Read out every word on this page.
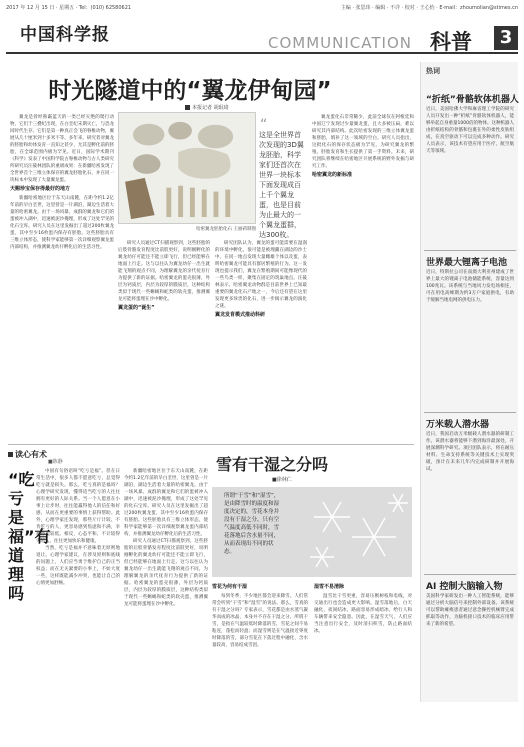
2017 年 12 月 15 日 · 星期五 · Tel：(010) 62580621	主编 · 张思玮 · 编辑 · 不详 · 校对 · 王心怡 · E-mail：zhoumolian@stimes.cn
中国科学报	COMMUNICATION 科普	3
时光隧道中的“翼龙伊甸园”
本报记者 胡珉琦

翼龙是曾经称霸蓝天的一类已经灭绝的爬行动物，它们于三叠纪出现，在白垩纪末期灭亡，与恐龙同时代生存。它们是第一种真正会飞的脊椎动物，翼展从几十厘米到十多米不等。多年来，研究者对翼龙的胚胎和幼体发育一直知之甚少，尤其是孵化前的胚胎，在全球范围内极为罕见。近日，国际学术期刊《科学》发表了中国科学院古脊椎动物与古人类研究所研究员汪筱林团队的重磅成果：在新疆哈密发现了全世界首个三维立体保存的翼龙胚胎化石，并在同一块标本中发现了大量翼龙蛋。

天赐珍宝保存得最好的地方

新疆哈密地区位于东天山南麓，在距今约1.2亿年前的早白垩世，这里曾是一片湖泊，湖边生活着大量的哈密翼龙。由于一场风暴，成群的翼龙和它们的蛋被冲入湖中，迅速被泥沙掩埋，形成了这处罕见的化石宝库。研究人员在这里发掘出了超过200枚翼龙蛋，其中至少16枚蛋内保存有胚胎。这些胚胎具有三维立体形态，使科学家能够第一次详细观察翼龙蛋内部结构，并推测翼龙幼仔孵化后的生活习性。

哈密翼龙胚胎化石 王丽莉制图
“
这是全世界首次发现的3D翼龙胚胎，科学家们还首次在世界一块标本下面发现成百上千个翼龙蛋，也是目前为止最大的一个翼龙蛋群，达300枚。

研究人员通过CT扫描观察到，这些胚胎的后肢骨骼发育程度比前肢更好，说明刚孵化的翼龙幼仔可能还不能立即飞行，但已经能够在地面上行走。这与以往认为翼龙幼仔一出生就能飞翔的观点不同，为理解翼龙的亲代抚育行为提供了新的证据。哈密翼龙的蛋壳很薄，外层为钙质层，内层为较厚的膜质层，这种结构类似于现代一些蜥蜴和蛇类的软壳蛋，推测翼龙可能将蛋埋在沙中孵化。

翼龙蛋的“诞生”

研究团队认为，翼龙的蛋可能需要在湿润的环境中孵化，很可能是被埋藏在湖边的沙土中。在同一地点发现大量雌雄个体以及蛋，表明哈密翼龙可能具有群居繁殖的行为。这一发现也提示我们，翼龙在繁殖期间可能像现代的一些鸟类一样，聚集在固定的筑巢地点。汪筱林表示，哈密翼龙动物群是目前世界上已知最重要的翼龙化石产地之一，今后还有望在这里发现更多珍贵的化石，进一步揭示翼龙的演化之谜。

翼龙发育模式推动科研

翼龙蛋化石非常稀少，此前全球仅在阿根廷和中国辽宁发现过少量翼龙蛋，且大多被压扁，难以研究其内部结构。此次哈密发现的三维立体翼龙蛋和胚胎，填补了这一领域的空白。研究人员指出，这批化石的保存状态极为罕见，为研究翼龙的繁殖、胚胎发育和生长提供了第一手资料。未来，研究团队将继续在哈密地区开展系统的野外发掘与研究工作。

哈密翼龙的新标准
热词
“折纸”骨骼软体机器人
近日，美国哈佛大学和麻省理工学院的研究人员开发出一种“折纸”骨骼软体机器人，能够举起自身重量1000倍的物体。这种机器人由折纸结构的骨骼和包裹在外的柔性皮肤组成，在真空驱动下可以完成多种动作。研究人员表示，该技术有望应用于医疗、航空航天等领域。
世界最大锂离子电池
近日，特斯拉公司在南澳大利亚州建成了世界上最大的锂离子电池储能系统，容量达到100兆瓦。该系统与当地风力发电场相连，可在用电高峰期为约3万户家庭供电，有助于缓解当地电网的供电压力。
万米载人潜水器
近日，我国启动万米级载人潜水器的研制工作。该潜水器将能够下潜到海洋最深处，开展深渊科学研究。项目团队表示，将在耐压材料、生命支持系统等关键技术上实现突破，预计在未来几年内完成研制并开展海试。
AI 控制大脑输入物
美国科学家研发出一种人工智能系统，能够通过分析大脑信号来控制外部设备。该系统可以帮助瘫痪患者通过意念操控机械臂完成抓取等动作，为脑机接口技术的临床应用带来了新的希望。
读心有术
“吃亏是福”有道理吗
■陈静

中国有句俗语叫“吃亏是福”。但在日常生活中，很多人都不愿意吃亏，总觉得吃亏就是损失。那么，吃亏真的是福吗？心理学研究发现，懂得适当吃亏的人往往拥有更好的人际关系。当一个人愿意在小事上让步时，往往能赢得他人的信任和好感，从而在更重要的事情上获得帮助。此外，心理学家还发现，那些斤斤计较、不肯吃亏的人，更容易感到焦虑和不满，幸福感也较低。相反，心态平和、不计较得失的人，往往更加快乐和健康。

当然，吃亏是福并不意味着无原则地退让。心理学家建议，在涉及原则和底线的问题上，人们应当勇于维护自己的正当权益；而在无关紧要的小事上，不妨大度一些，这样既能减少冲突，也能让自己的心情更加舒畅。

新疆哈密地区位于东天山南麓，在距今约1.2亿年前的早白垩世，这里曾是一片湖泊，湖边生活着大量的哈密翼龙。由于一场风暴，成群的翼龙和它们的蛋被冲入湖中，迅速被泥沙掩埋，形成了这处罕见的化石宝库。研究人员在这里发掘出了超过200枚翼龙蛋，其中至少16枚蛋内保存有胚胎。这些胚胎具有三维立体形态，使科学家能够第一次详细观察翼龙蛋内部结构，并推测翼龙幼仔孵化后的生活习性。

研究人员通过CT扫描观察到，这些胚胎的后肢骨骼发育程度比前肢更好，说明刚孵化的翼龙幼仔可能还不能立即飞行，但已经能够在地面上行走。这与以往认为翼龙幼仔一出生就能飞翔的观点不同，为理解翼龙的亲代抚育行为提供了新的证据。哈密翼龙的蛋壳很薄，外层为钙质层，内层为较厚的膜质层，这种结构类似于现代一些蜥蜴和蛇类的软壳蛋，推测翼龙可能将蛋埋在沙中孵化。

雪有干湿之分吗
■徐林仁
所谓“干雪”和“湿雪”，是由降雪时的温度和湿度决定的，雪花本身并没有干湿之分，只有空气温度高低不同时，雪花落地后含水量不同，从而表现出不同的状态。
雪花为何有干湿

每到冬季，不少地区都会迎来降雪。人们常常会听到“干雪”和“湿雪”的说法。那么，雪真的有干湿之分吗？专家表示，雪花都是由水蒸气凝华而成的冰晶，本身并不存在干湿之分。所谓干雪，是指在气温较低时降落的雪，雪花之间不易粘连，蓬松而轻盈；而湿雪则是在气温接近零度时降落的雪，部分雪花在下落过程中融化，含水量较高，容易结成雪团。

湿雪不易清除

湿雪比干雪更重，容易压断树枝和电线，对交通出行也会造成更大影响。湿雪落地后，白天融化、夜间结冰，路面容易形成暗冰，给行人和车辆带来安全隐患。因此，在湿雪天气，人们应当注意出行安全，及时清扫积雪，防止路面结冰。
